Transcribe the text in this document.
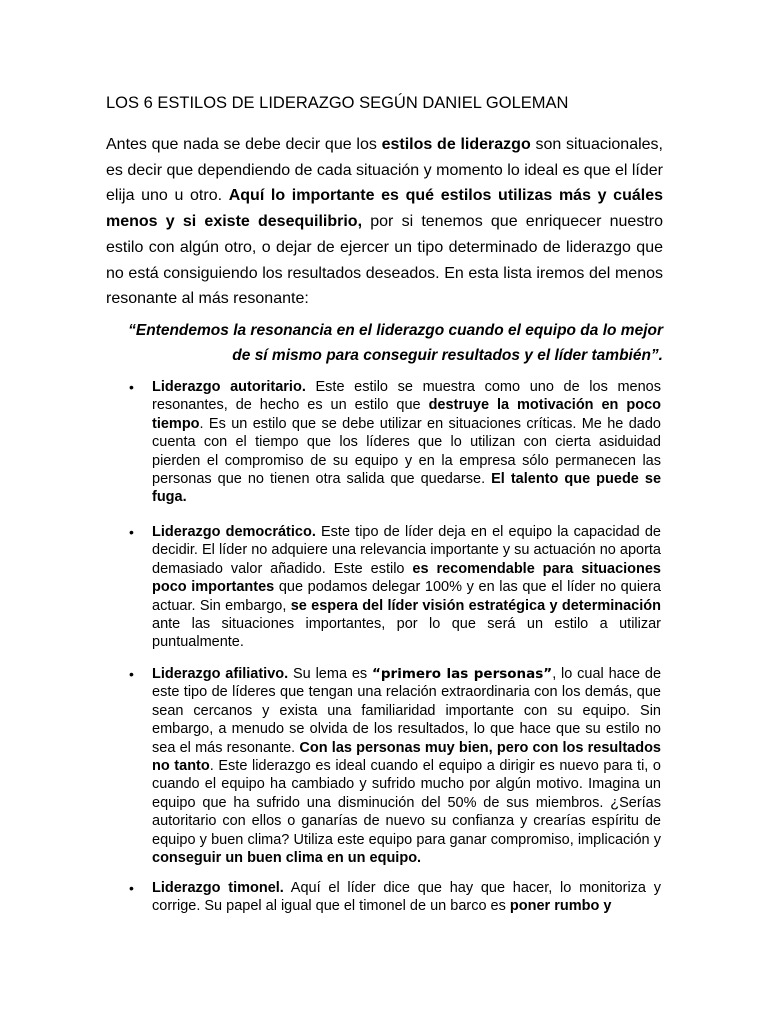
LOS 6 ESTILOS DE LIDERAZGO SEGÚN DANIEL GOLEMAN

Antes que nada se debe decir que los estilos de liderazgo son situacionales, es decir que dependiendo de cada situación y momento lo ideal es que el líder elija uno u otro. Aquí lo importante es qué estilos utilizas más y cuáles menos y si existe desequilibrio, por si tenemos que enriquecer nuestro estilo con algún otro, o dejar de ejercer un tipo determinado de liderazgo que no está consiguiendo los resultados deseados. En esta lista iremos del menos resonante al más resonante:

“Entendemos la resonancia en el liderazgo cuando el equipo da lo mejor
de sí mismo para conseguir resultados y el líder también”.

•	Liderazgo autoritario. Este estilo se muestra como uno de los menos resonantes, de hecho es un estilo que destruye la motivación en poco tiempo. Es un estilo que se debe utilizar en situaciones críticas. Me he dado cuenta con el tiempo que los líderes que lo utilizan con cierta asiduidad pierden el compromiso de su equipo y en la empresa sólo permanecen las personas que no tienen otra salida que quedarse. El talento que puede se fuga.

•	Liderazgo democrático. Este tipo de líder deja en el equipo la capacidad de decidir. El líder no adquiere una relevancia importante y su actuación no aporta demasiado valor añadido. Este estilo es recomendable para situaciones poco importantes que podamos delegar 100% y en las que el líder no quiera actuar. Sin embargo, se espera del líder visión estratégica y determinación ante las situaciones importantes, por lo que será un estilo a utilizar puntualmente.

•	Liderazgo afiliativo. Su lema es “primero las personas”, lo cual hace de este tipo de líderes que tengan una relación extraordinaria con los demás, que sean cercanos y exista una familiaridad importante con su equipo. Sin embargo, a menudo se olvida de los resultados, lo que hace que su estilo no sea el más resonante. Con las personas muy bien, pero con los resultados no tanto. Este liderazgo es ideal cuando el equipo a dirigir es nuevo para ti, o cuando el equipo ha cambiado y sufrido mucho por algún motivo. Imagina un equipo que ha sufrido una disminución del 50% de sus miembros. ¿Serías autoritario con ellos o ganarías de nuevo su confianza y crearías espíritu de equipo y buen clima? Utiliza este equipo para ganar compromiso, implicación y conseguir un buen clima en un equipo.

•	Liderazgo timonel. Aquí el líder dice que hay que hacer, lo monitoriza y corrige. Su papel al igual que el timonel de un barco es poner rumbo y
